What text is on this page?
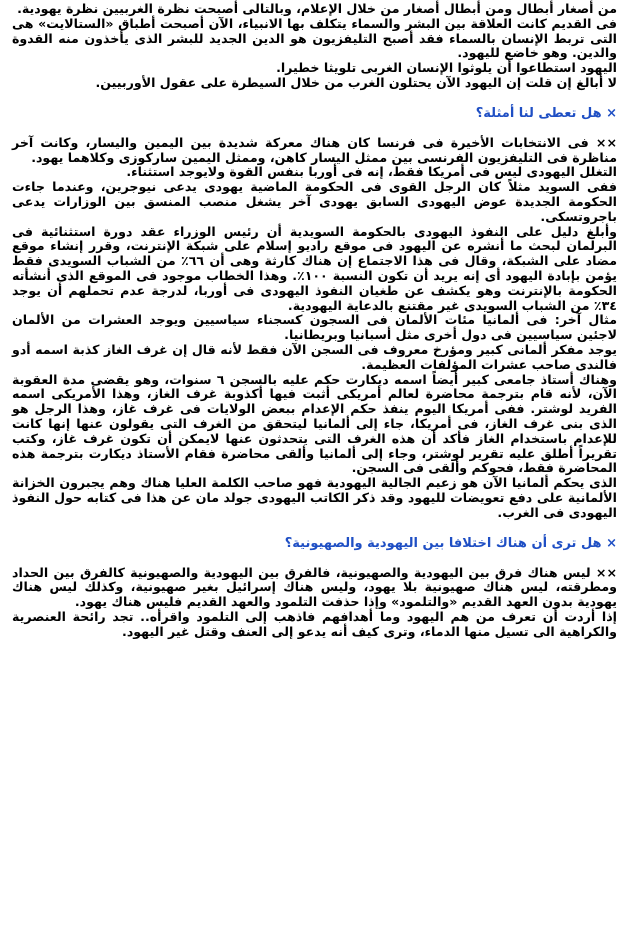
من أصغار أبطال ومن أبطال أصغار من خلال الإعلام، وبالتالى أصبحت نظرة الغربيين نظرة يهودية.

فى القديم كانت العلاقة بين البشر والسماء يتكلف بها الانبياء، الآن أصبحت أطباق «الستالايت» هى التى تربط الإنسان بالسماء فقد أصبح التليفزيون هو الدين الجديد للبشر الذى يأخذون منه القدوة والدين. وهو خاضع لليهود.

اليهود استطاعوا أن يلوثوا الإنسان الغربى تلويثا خطيرا.

لا أبالغ إن قلت إن اليهود الآن يحتلون الغرب من خلال السيطرة على عقول الأوربيين.

× هل تعطى لنا أمثلة؟

×× فى الانتخابات الأخيرة فى فرنسا كان هناك معركة شديدة بين اليمين واليسار، وكانت آخر مناظرة فى التليفزيون الفرنسى بين ممثل اليسار كاهن، وممثل اليمين ساركوزى وكلاهما يهود.

التغلل اليهودى ليس فى أمريكا فقط، إنه فى أوربا بنفس القوة ولايوجد استثناء.

ففى السويد مثلاً كان الرجل القوى فى الحكومة الماضية يهودى يدعى نيوجرين، وعندما جاءت الحكومة الجديدة عوض اليهودى السابق يهودى آخر يشغل منصب المنسق بين الوزارات يدعى باجروتسكى.

وأبلغ دليل على النفوذ اليهودى بالحكومة السويدية أن رئيس الوزراء عقد دورة استثنائية فى البرلمان لبحث ما أنشره عن اليهود فى موقع راديو إسلام على شبكة الإنترنت، وقرر إنشاء موقع مضاد على الشبكة، وقال فى هذا الاجتماع إن هناك كارثة وهى أن ٦٦٪ من الشباب السويدى فقط يؤمن بإبادة اليهود أى إنه يريد أن تكون النسبة ١٠٠٪. وهذا الخطاب موجود فى الموقع الذى أنشأته الحكومة بالإنترنت وهو يكشف عن طغيان النفوذ اليهودى فى أوربا، لدرجة عدم تحملهم أن يوجد ٣٤٪ من الشباب السويدى غير مقتنع بالدعاية اليهودية.

مثال آخر: فى ألمانيا مئات الألمان فى السجون كسجناء سياسيين ويوجد العشرات من الألمان لاجئين سياسيين فى دول أخرى مثل أسبانيا وبريطانيا.

يوجد مفكر ألمانى كبير ومؤرخ معروف فى السجن الآن فقط لأنه قال إن غرف الغاز كذبة اسمه أدو فالندى صاحب عشرات المؤلفات العظيمة.

وهناك أستاذ جامعى كبير أيضاً اسمه ديكارت حكم عليه بالسجن ٦ سنوات، وهو يقضى مدة العقوبة الآن، لأنه قام بترجمة محاضرة لعالم أمريكى أثبت فيها أكذوبة غرف الغاز، وهذا الأمريكى اسمه الفريد لوشتر. ففى أمريكا اليوم ينفذ حكم الإعدام ببعض الولايات فى غرف غاز، وهذا الرجل هو الذى بنى غرف الغاز، فى أمريكا، جاء إلى ألمانيا ليتحقق من الغرف التى يقولون عنها إنها كانت للإعدام باستخدام الغاز فأكد أن هذه الغرف التى يتحدثون عنها لايمكن أن تكون غرف غاز، وكتب تقريراً أطلق عليه تقرير لوشتر، وجاء إلى ألمانيا وألقى محاضرة فقام الأستاذ ديكارت بترجمة هذه المحاضرة فقط، فحوكم وألقى فى السجن.

الذى يحكم ألمانيا الآن هو زعيم الجالية اليهودية فهو صاحب الكلمة العليا هناك وهم يجبرون الخزانة الألمانية على دفع تعويضات لليهود وقد ذكر الكاتب اليهودى جولد مان عن هذا فى كتابه حول النفوذ اليهودى فى الغرب.

× هل ترى أن هناك اختلافا بين اليهودية والصهيونية؟

×× ليس هناك فرق بين اليهودية والصهيونية، فالفرق بين اليهودية والصهيونية كالفرق بين الحداد ومطرقته، ليس هناك صهيونية بلا يهود، وليس هناك إسرائيل بغير صهيونية، وكذلك ليس هناك يهودية بدون العهد القديم «والتلمود» وإذا حذفت التلمود والعهد القديم فليس هناك يهود.

إذا أردت أن تعرف من هم اليهود وما أهدافهم فاذهب إلى التلمود واقرأه.. تجد رائحة العنصرية والكراهية الى تسيل منها الدماء، وترى كيف أنه يدعو إلى العنف وقتل غير اليهود.
